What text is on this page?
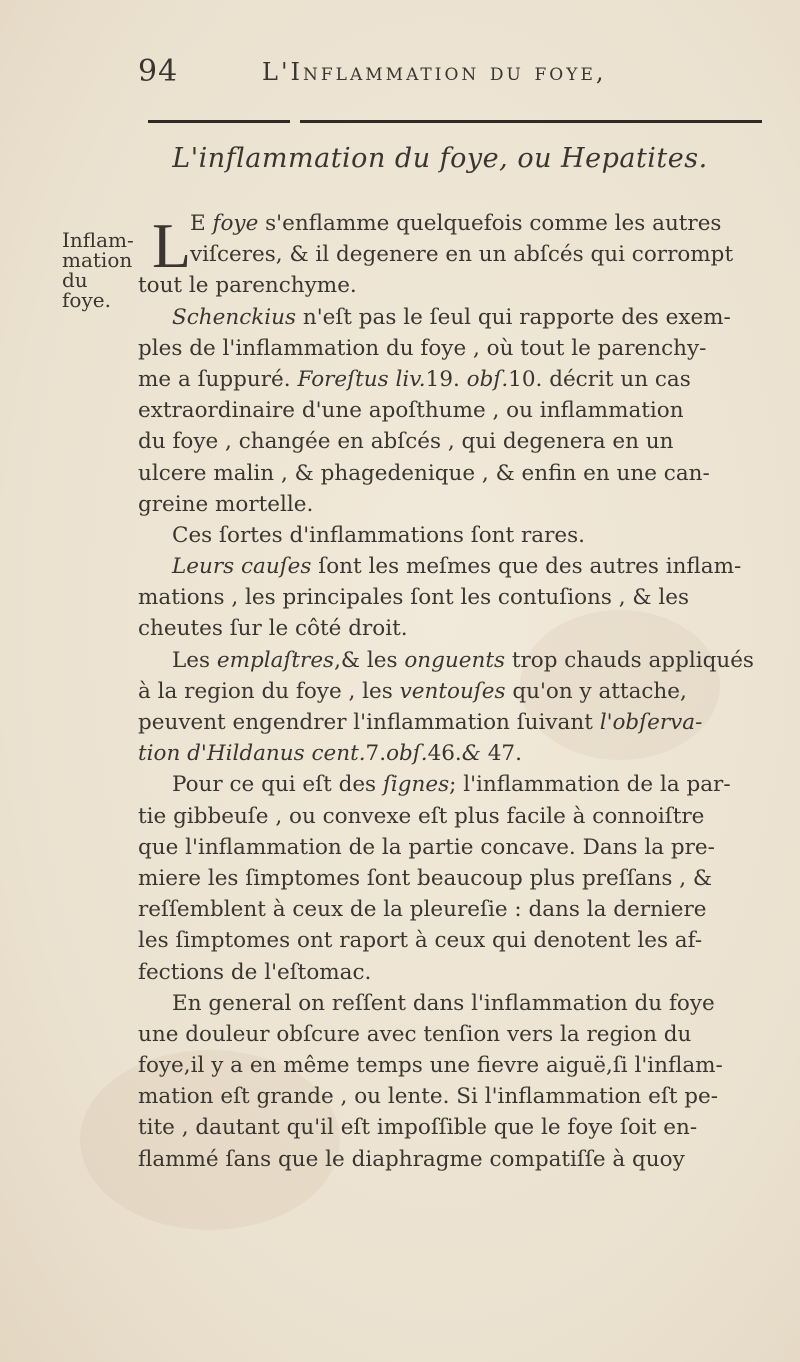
94	L'Inflammation du foye,
L'inflammation du foye, ou Hepatites.
Inflam-
mation
du foye.
L
E foye s'enflamme quelquefois comme les autres
viſceres, & il degenere en un abſcés qui corrompt
tout le parenchyme.
Schenckius n'eſt pas le ſeul qui rapporte des exem-
ples de l'inflammation du foye , où tout le parenchy-
me a ſuppuré. Foreſtus liv.19. obſ.10. décrit un cas
extraordinaire d'une apoſthume , ou inflammation
du foye , changée en abſcés , qui degenera en un
ulcere malin , & phagedenique , & enfin en une can-
greine mortelle.
Ces ſortes d'inflammations ſont rares.
Leurs cauſes ſont les meſmes que des autres inflam-
mations , les principales ſont les contuſions , & les
cheutes ſur le côté droit.
Les emplaſtres,& les onguents trop chauds appliqués
à la region du foye , les ventouſes qu'on y attache,
peuvent engendrer l'inflammation ſuivant l'obſerva-
tion d'Hildanus cent.7.obſ.46.& 47.
Pour ce qui eſt des ſignes; l'inflammation de la par-
tie gibbeuſe , ou convexe eſt plus facile à connoiſtre
que l'inflammation de la partie concave. Dans la pre-
miere les ſimptomes ſont beaucoup plus preſſans , &
reſſemblent à ceux de la pleureſie : dans la derniere
les ſimptomes ont raport à ceux qui denotent les af-
fections de l'eſtomac.
En general on reſſent dans l'inflammation du foye
une douleur obſcure avec tenſion vers la region du
foye,il y a en même temps une fievre aiguë,ſi l'inflam-
mation eſt grande , ou lente. Si l'inflammation eſt pe-
tite , dautant qu'il eſt impoſſible que le foye ſoit en-
flammé ſans que le diaphragme compatiſſe à quoy
